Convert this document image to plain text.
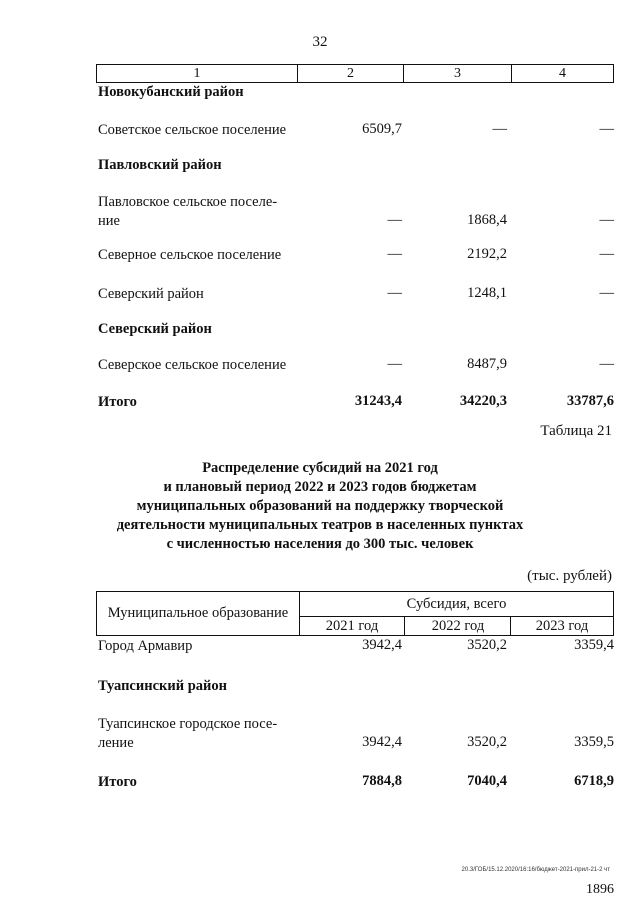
32
1	2	3	4
Новокубанский район
Советское сельское поселение	6509,7	—	—
Павловский район
Павловское сельское поселе-
ние	—	1868,4	—
Северное сельское поселение	—	2192,2	—
Северский район	—	1248,1	—
Северский район
Северское сельское поселение	—	8487,9	—
Итого	31243,4	34220,3	33787,6
Таблица 21
Распределение субсидий на 2021 год
и плановый период 2022 и 2023 годов бюджетам
муниципальных образований на поддержку творческой
деятельности муниципальных театров в населенных пунктах
с численностью населения до 300 тыс. человек
(тыс. рублей)
Муниципальное образование
Субсидия, всего
2021 год	2022 год	2023 год
Город Армавир	3942,4	3520,2	3359,4
Туапсинский район
Туапсинское городское посе-
ление	3942,4	3520,2	3359,5
Итого	7884,8	7040,4	6718,9
20.3/ГОБ/15.12.2020/16:16/бюджет-2021-прил-21-2 чт
1896
